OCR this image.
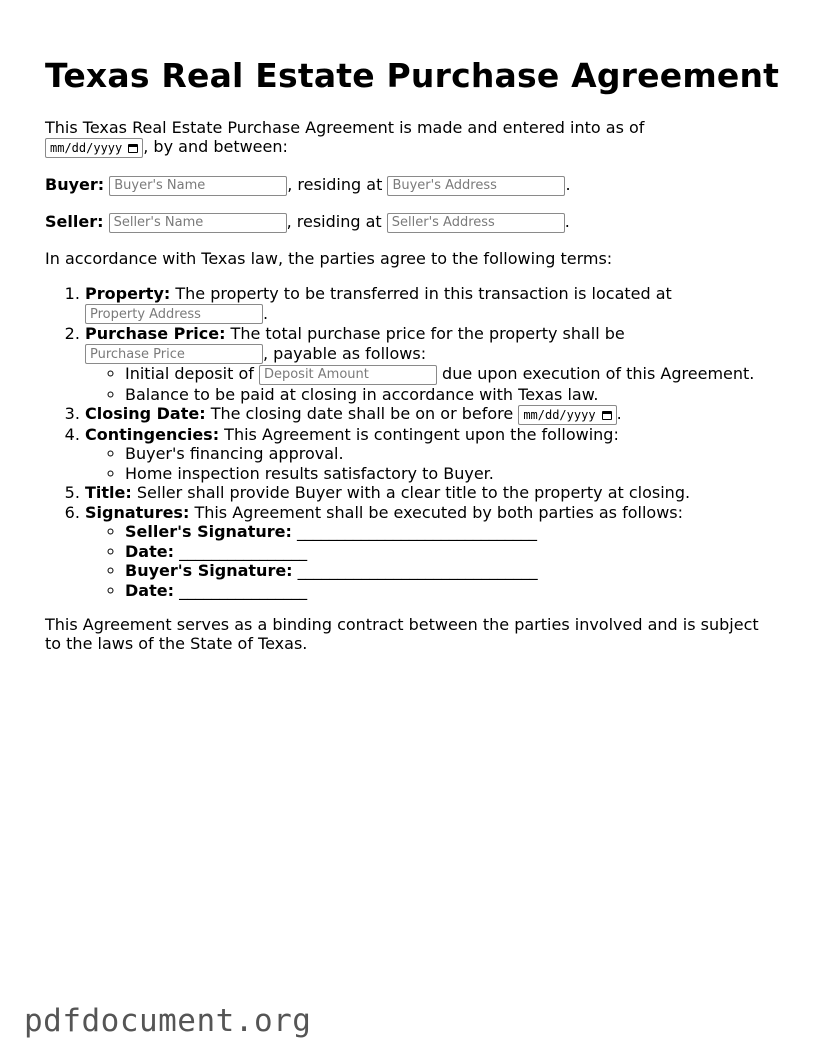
Texas Real Estate Purchase Agreement
This Texas Real Estate Purchase Agreement is made and entered into as of
mm/dd/yyyy , by and between:
Buyer: Buyer's Name	, residing at Buyer's Address	.
Seller: Seller's Name	, residing at Seller's Address	.
In accordance with Texas law, the parties agree to the following terms:
1. Property: The property to be transferred in this transaction is located at
Property Address.
2. Purchase Price: The total purchase price for the property shall be
Purchase Price, payable as follows:
◦ Initial deposit of Deposit Amount	due upon execution of this Agreement.
◦ Balance to be paid at closing in accordance with Texas law.
3. Closing Date: The closing date shall be on or before mm/dd/yyyy .
4. Contingencies: This Agreement is contingent upon the following:
◦ Buyer's financing approval.
◦ Home inspection results satisfactory to Buyer.
5. Title: Seller shall provide Buyer with a clear title to the property at closing.
6. Signatures: This Agreement shall be executed by both parties as follows:
◦ Seller's Signature: ______________________________
◦ Date: ________________
◦ Buyer's Signature: ______________________________
◦ Date: ________________
This Agreement serves as a binding contract between the parties involved and is subject
to the laws of the State of Texas.
pdfdocument.org
